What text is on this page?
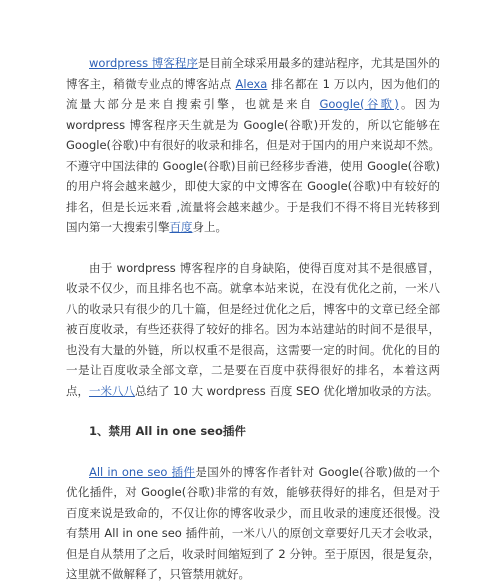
wordpress 博客程序是目前全球采用最多的建站程序，尤其是国外的博客主，稍微专业点的博客站点 Alexa 排名都在 1 万以内，因为他们的流量大部分是来自搜索引擎，也就是来自 Google(谷歌)。因为 wordpress 博客程序天生就是为 Google(谷歌)开发的，所以它能够在 Google(谷歌)中有很好的收录和排名，但是对于国内的用户来说却不然。不遵守中国法律的 Google(谷歌)目前已经移步香港，使用 Google(谷歌)的用户将会越来越少，即使大家的中文博客在 Google(谷歌)中有较好的排名，但是长远来看 ,流量将会越来越少。于是我们不得不将目光转移到国内第一大搜索引擎百度身上。

由于 wordpress 博客程序的自身缺陷，使得百度对其不是很感冒，收录不仅少，而且排名也不高。就拿本站来说，在没有优化之前，一米八八的收录只有很少的几十篇，但是经过优化之后，博客中的文章已经全部被百度收录，有些还获得了较好的排名。因为本站建站的时间不是很早，也没有大量的外链，所以权重不是很高，这需要一定的时间。优化的目的一是让百度收录全部文章，二是要在百度中获得很好的排名，本着这两点，一米八八总结了 10 大 wordpress 百度 SEO 优化增加收录的方法。

1、禁用 All in one seo插件

All in one seo 插件是国外的博客作者针对 Google(谷歌)做的一个优化插件，对 Google(谷歌)非常的有效，能够获得好的排名，但是对于百度来说是致命的，不仅让你的博客收录少，而且收录的速度还很慢。没有禁用 All in one seo 插件前，一米八八的原创文章要好几天才会收录，但是自从禁用了之后，收录时间缩短到了 2 分钟。至于原因，很是复杂，这里就不做解释了，只管禁用就好。
